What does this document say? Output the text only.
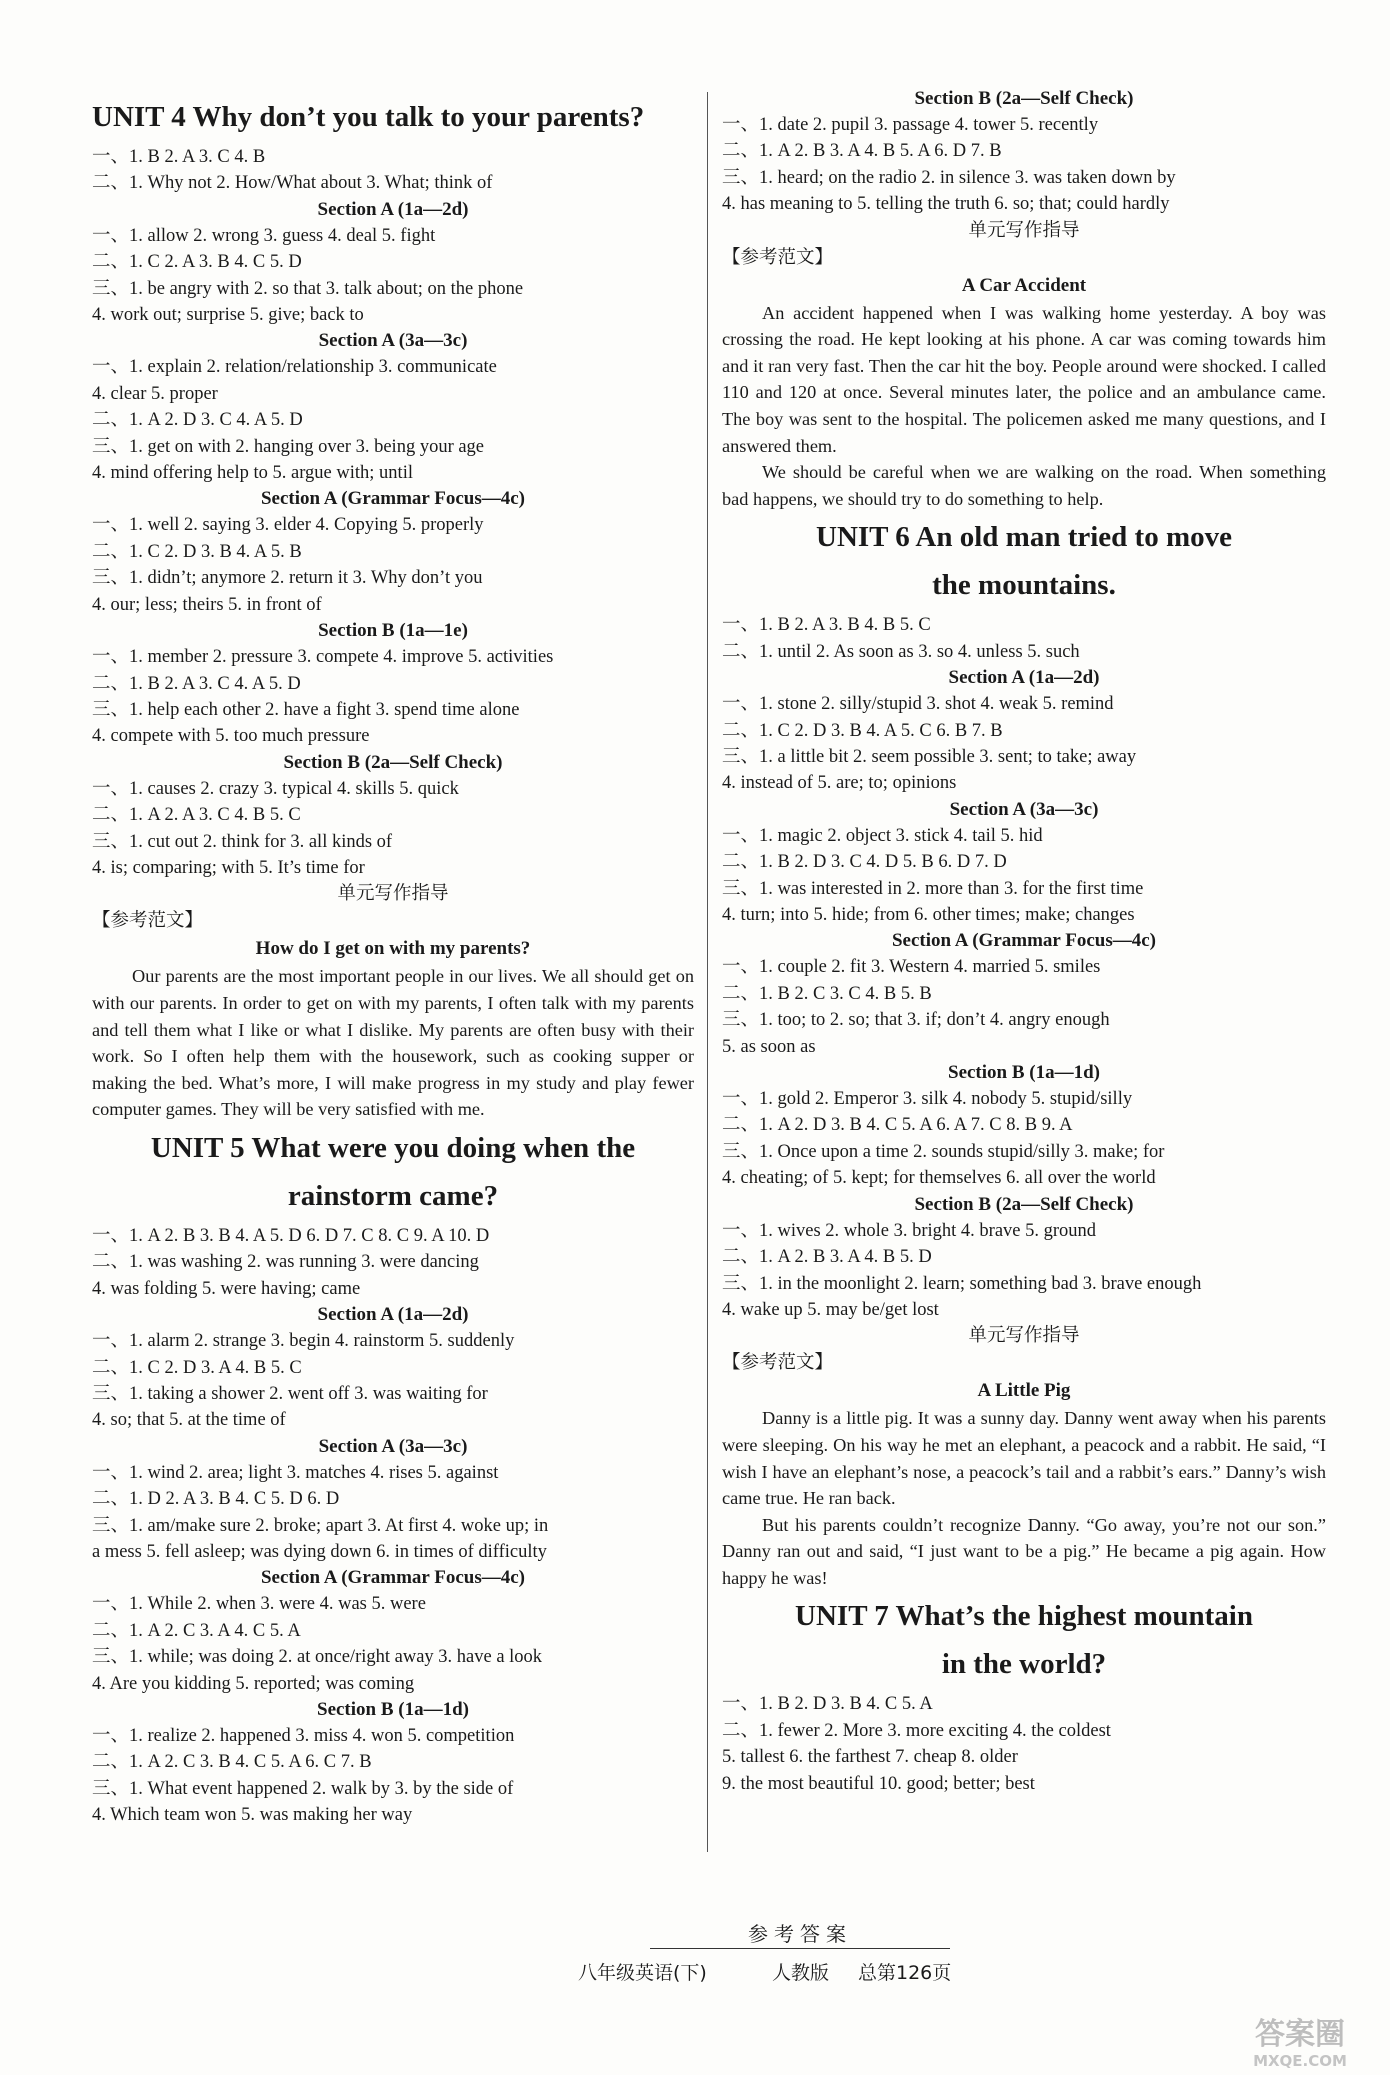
UNIT 4 Why don’t you talk to your parents?
一、1. B 2. A 3. C 4. B
二、1. Why not 2. How/What about 3. What; think of
Section A (1a—2d)
一、1. allow 2. wrong 3. guess 4. deal 5. fight
二、1. C 2. A 3. B 4. C 5. D
三、1. be angry with 2. so that 3. talk about; on the phone
4. work out; surprise 5. give; back to
Section A (3a—3c)
一、1. explain 2. relation/relationship 3. communicate
4. clear 5. proper
二、1. A 2. D 3. C 4. A 5. D
三、1. get on with 2. hanging over 3. being your age
4. mind offering help to 5. argue with; until
Section A (Grammar Focus—4c)
一、1. well 2. saying 3. elder 4. Copying 5. properly
二、1. C 2. D 3. B 4. A 5. B
三、1. didn’t; anymore 2. return it 3. Why don’t you
4. our; less; theirs 5. in front of
Section B (1a—1e)
一、1. member 2. pressure 3. compete 4. improve 5. activities
二、1. B 2. A 3. C 4. A 5. D
三、1. help each other 2. have a fight 3. spend time alone
4. compete with 5. too much pressure
Section B (2a—Self Check)
一、1. causes 2. crazy 3. typical 4. skills 5. quick
二、1. A 2. A 3. C 4. B 5. C
三、1. cut out 2. think for 3. all kinds of
4. is; comparing; with 5. It’s time for
单元写作指导
【参考范文】
How do I get on with my parents?
Our parents are the most important people in our lives. We all should get on with our parents. In order to get on with my parents, I often talk with my parents and tell them what I like or what I dislike. My parents are often busy with their work. So I often help them with the housework, such as cooking supper or making the bed. What’s more, I will make progress in my study and play fewer computer games. They will be very satisfied with me.
UNIT 5 What were you doing when the
rainstorm came?
一、1. A 2. B 3. B 4. A 5. D 6. D 7. C 8. C 9. A 10. D
二、1. was washing 2. was running 3. were dancing
4. was folding 5. were having; came
Section A (1a—2d)
一、1. alarm 2. strange 3. begin 4. rainstorm 5. suddenly
二、1. C 2. D 3. A 4. B 5. C
三、1. taking a shower 2. went off 3. was waiting for
4. so; that 5. at the time of
Section A (3a—3c)
一、1. wind 2. area; light 3. matches 4. rises 5. against
二、1. D 2. A 3. B 4. C 5. D 6. D
三、1. am/make sure 2. broke; apart 3. At first 4. woke up; in
a mess 5. fell asleep; was dying down 6. in times of difficulty
Section A (Grammar Focus—4c)
一、1. While 2. when 3. were 4. was 5. were
二、1. A 2. C 3. A 4. C 5. A
三、1. while; was doing 2. at once/right away 3. have a look
4. Are you kidding 5. reported; was coming
Section B (1a—1d)
一、1. realize 2. happened 3. miss 4. won 5. competition
二、1. A 2. C 3. B 4. C 5. A 6. C 7. B
三、1. What event happened 2. walk by 3. by the side of
4. Which team won 5. was making her way
Section B (2a—Self Check)
一、1. date 2. pupil 3. passage 4. tower 5. recently
二、1. A 2. B 3. A 4. B 5. A 6. D 7. B
三、1. heard; on the radio 2. in silence 3. was taken down by
4. has meaning to 5. telling the truth 6. so; that; could hardly
单元写作指导
【参考范文】
A Car Accident
An accident happened when I was walking home yesterday. A boy was crossing the road. He kept looking at his phone. A car was coming towards him and it ran very fast. Then the car hit the boy. People around were shocked. I called 110 and 120 at once. Several minutes later, the police and an ambulance came. The boy was sent to the hospital. The policemen asked me many questions, and I answered them.
We should be careful when we are walking on the road. When something bad happens, we should try to do something to help.
UNIT 6 An old man tried to move
the mountains.
一、1. B 2. A 3. B 4. B 5. C
二、1. until 2. As soon as 3. so 4. unless 5. such
Section A (1a—2d)
一、1. stone 2. silly/stupid 3. shot 4. weak 5. remind
二、1. C 2. D 3. B 4. A 5. C 6. B 7. B
三、1. a little bit 2. seem possible 3. sent; to take; away
4. instead of 5. are; to; opinions
Section A (3a—3c)
一、1. magic 2. object 3. stick 4. tail 5. hid
二、1. B 2. D 3. C 4. D 5. B 6. D 7. D
三、1. was interested in 2. more than 3. for the first time
4. turn; into 5. hide; from 6. other times; make; changes
Section A (Grammar Focus—4c)
一、1. couple 2. fit 3. Western 4. married 5. smiles
二、1. B 2. C 3. C 4. B 5. B
三、1. too; to 2. so; that 3. if; don’t 4. angry enough
5. as soon as
Section B (1a—1d)
一、1. gold 2. Emperor 3. silk 4. nobody 5. stupid/silly
二、1. A 2. D 3. B 4. C 5. A 6. A 7. C 8. B 9. A
三、1. Once upon a time 2. sounds stupid/silly 3. make; for
4. cheating; of 5. kept; for themselves 6. all over the world
Section B (2a—Self Check)
一、1. wives 2. whole 3. bright 4. brave 5. ground
二、1. A 2. B 3. A 4. B 5. D
三、1. in the moonlight 2. learn; something bad 3. brave enough
4. wake up 5. may be/get lost
单元写作指导
【参考范文】
A Little Pig
Danny is a little pig. It was a sunny day. Danny went away when his parents were sleeping. On his way he met an elephant, a peacock and a rabbit. He said, “I wish I have an elephant’s nose, a peacock’s tail and a rabbit’s ears.” Danny’s wish came true. He ran back.
But his parents couldn’t recognize Danny. “Go away, you’re not our son.” Danny ran out and said, “I just want to be a pig.” He became a pig again. How happy he was!
UNIT 7 What’s the highest mountain
in the world?
一、1. B 2. D 3. B 4. C 5. A
二、1. fewer 2. More 3. more exciting 4. the coldest
5. tallest 6. the farthest 7. cheap 8. older
9. the most beautiful 10. good; better; best
参考答案
八年级英语(下)	人教版 总第126页
答案圈
MXQE.COM
